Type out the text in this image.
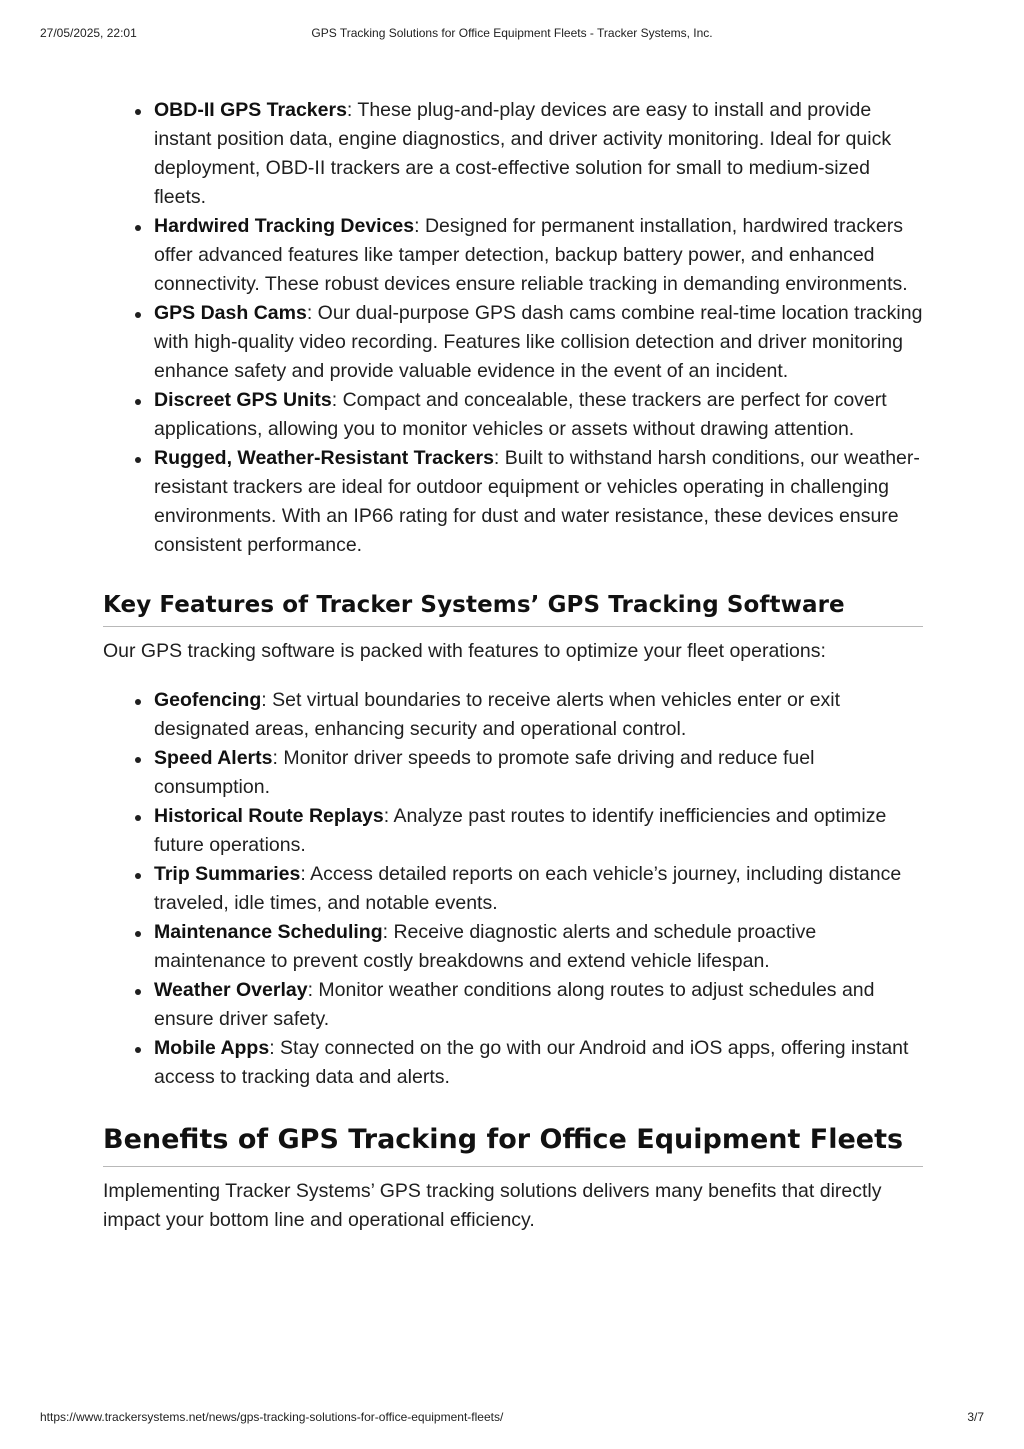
27/05/2025, 22:01	GPS Tracking Solutions for Office Equipment Fleets - Tracker Systems, Inc.
OBD-II GPS Trackers: These plug-and-play devices are easy to install and provide instant position data, engine diagnostics, and driver activity monitoring. Ideal for quick deployment, OBD-II trackers are a cost-effective solution for small to medium-sized fleets.
Hardwired Tracking Devices: Designed for permanent installation, hardwired trackers offer advanced features like tamper detection, backup battery power, and enhanced connectivity. These robust devices ensure reliable tracking in demanding environments.
GPS Dash Cams: Our dual-purpose GPS dash cams combine real-time location tracking with high-quality video recording. Features like collision detection and driver monitoring enhance safety and provide valuable evidence in the event of an incident.
Discreet GPS Units: Compact and concealable, these trackers are perfect for covert applications, allowing you to monitor vehicles or assets without drawing attention.
Rugged, Weather-Resistant Trackers: Built to withstand harsh conditions, our weather-resistant trackers are ideal for outdoor equipment or vehicles operating in challenging environments. With an IP66 rating for dust and water resistance, these devices ensure consistent performance.
Key Features of Tracker Systems’ GPS Tracking Software

Our GPS tracking software is packed with features to optimize your fleet operations:

Geofencing: Set virtual boundaries to receive alerts when vehicles enter or exit designated areas, enhancing security and operational control.
Speed Alerts: Monitor driver speeds to promote safe driving and reduce fuel consumption.
Historical Route Replays: Analyze past routes to identify inefficiencies and optimize future operations.
Trip Summaries: Access detailed reports on each vehicle’s journey, including distance traveled, idle times, and notable events.
Maintenance Scheduling: Receive diagnostic alerts and schedule proactive maintenance to prevent costly breakdowns and extend vehicle lifespan.
Weather Overlay: Monitor weather conditions along routes to adjust schedules and ensure driver safety.
Mobile Apps: Stay connected on the go with our Android and iOS apps, offering instant access to tracking data and alerts.
Benefits of GPS Tracking for Office Equipment Fleets

Implementing Tracker Systems’ GPS tracking solutions delivers many benefits that directly impact your bottom line and operational efficiency.

https://www.trackersystems.net/news/gps-tracking-solutions-for-office-equipment-fleets/	3/7
